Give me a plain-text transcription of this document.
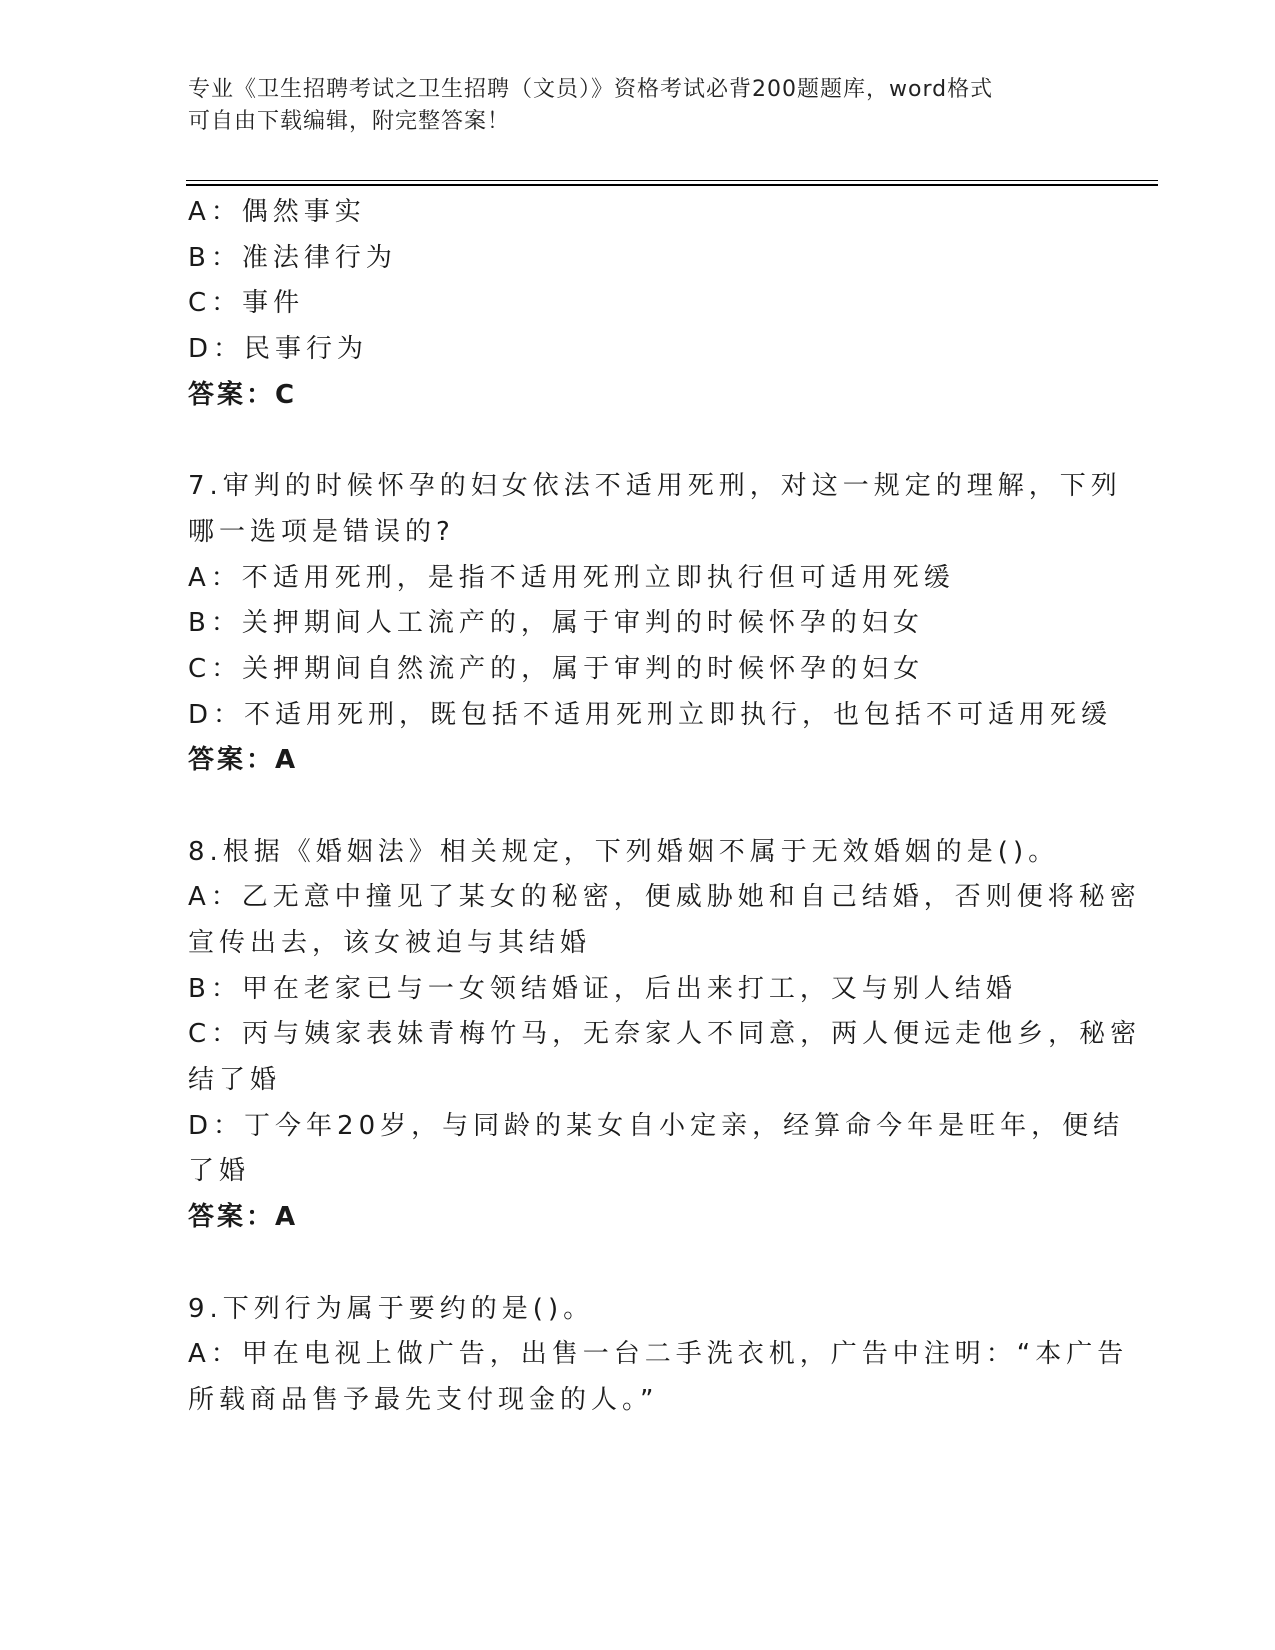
专业《卫生招聘考试之卫生招聘（文员）》资格考试必背200题题库，word格式
可自由下载编辑，附完整答案！
A：偶然事实
B：准法律行为
C：事件
D：民事行为
答案：C
7.审判的时候怀孕的妇女依法不适用死刑，对这一规定的理解，下列
哪一选项是错误的?
A：不适用死刑，是指不适用死刑立即执行但可适用死缓
B：关押期间人工流产的，属于审判的时候怀孕的妇女
C：关押期间自然流产的，属于审判的时候怀孕的妇女
D：不适用死刑，既包括不适用死刑立即执行，也包括不可适用死缓
答案：A
8.根据《婚姻法》相关规定，下列婚姻不属于无效婚姻的是()。
A：乙无意中撞见了某女的秘密，便威胁她和自己结婚，否则便将秘密
宣传出去，该女被迫与其结婚
B：甲在老家已与一女领结婚证，后出来打工，又与别人结婚
C：丙与姨家表妹青梅竹马，无奈家人不同意，两人便远走他乡，秘密
结了婚
D：丁今年20岁，与同龄的某女自小定亲，经算命今年是旺年，便结
了婚
答案：A
9.下列行为属于要约的是()。
A：甲在电视上做广告，出售一台二手洗衣机，广告中注明：“本广告
所载商品售予最先支付现金的人。”
